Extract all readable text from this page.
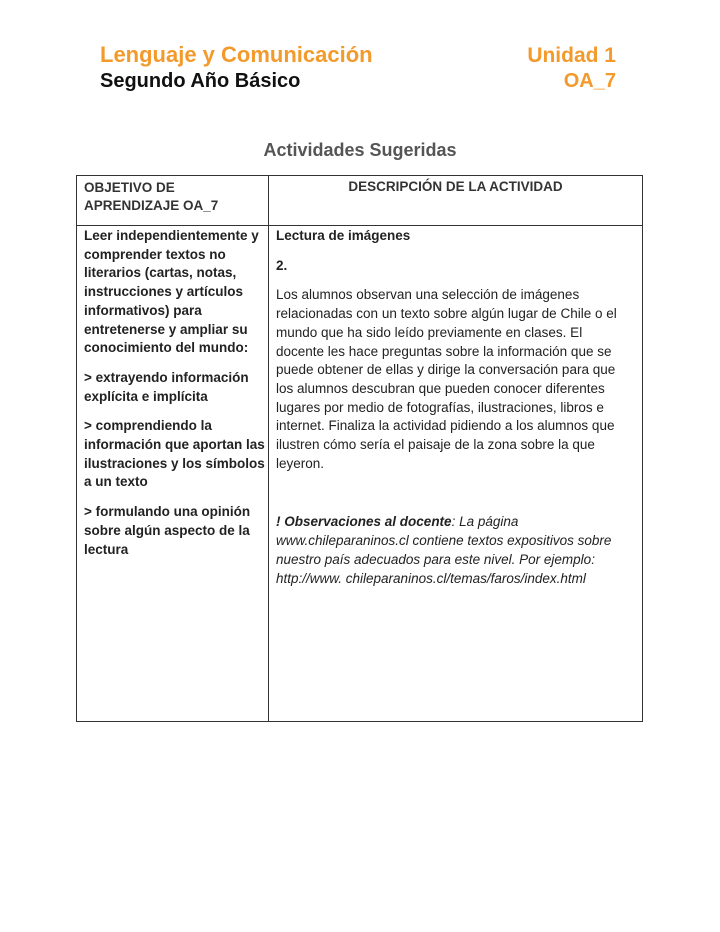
Lenguaje y Comunicación	Unidad 1
Segundo Año Básico	OA_7
Actividades Sugeridas
OBJETIVO DE APRENDIZAJE OA_7
DESCRIPCIÓN DE LA ACTIVIDAD

Leer independientemente y comprender textos no literarios (cartas, notas, instrucciones y artículos informativos) para entretenerse y ampliar su conocimiento del mundo:

> extrayendo información explícita e implícita

> comprendiendo la información que aportan las ilustraciones y los símbolos a un texto

> formulando una opinión sobre algún aspecto de la lectura

Lectura de imágenes

2.

Los alumnos observan una selección de imágenes
relacionadas con un texto sobre algún lugar de Chile o el
mundo que ha sido leído previamente en clases. El
docente les hace preguntas sobre la información que se
puede obtener de ellas y dirige la conversación para que
los alumnos descubran que pueden conocer diferentes
lugares por medio de fotografías, ilustraciones, libros e
internet. Finaliza la actividad pidiendo a los alumnos que
ilustren cómo sería el paisaje de la zona sobre la que
leyeron.

! Observaciones al docente: La página
www.chileparaninos.cl contiene textos expositivos sobre
nuestro país adecuados para este nivel. Por ejemplo:
http://www. chileparaninos.cl/temas/faros/index.html
